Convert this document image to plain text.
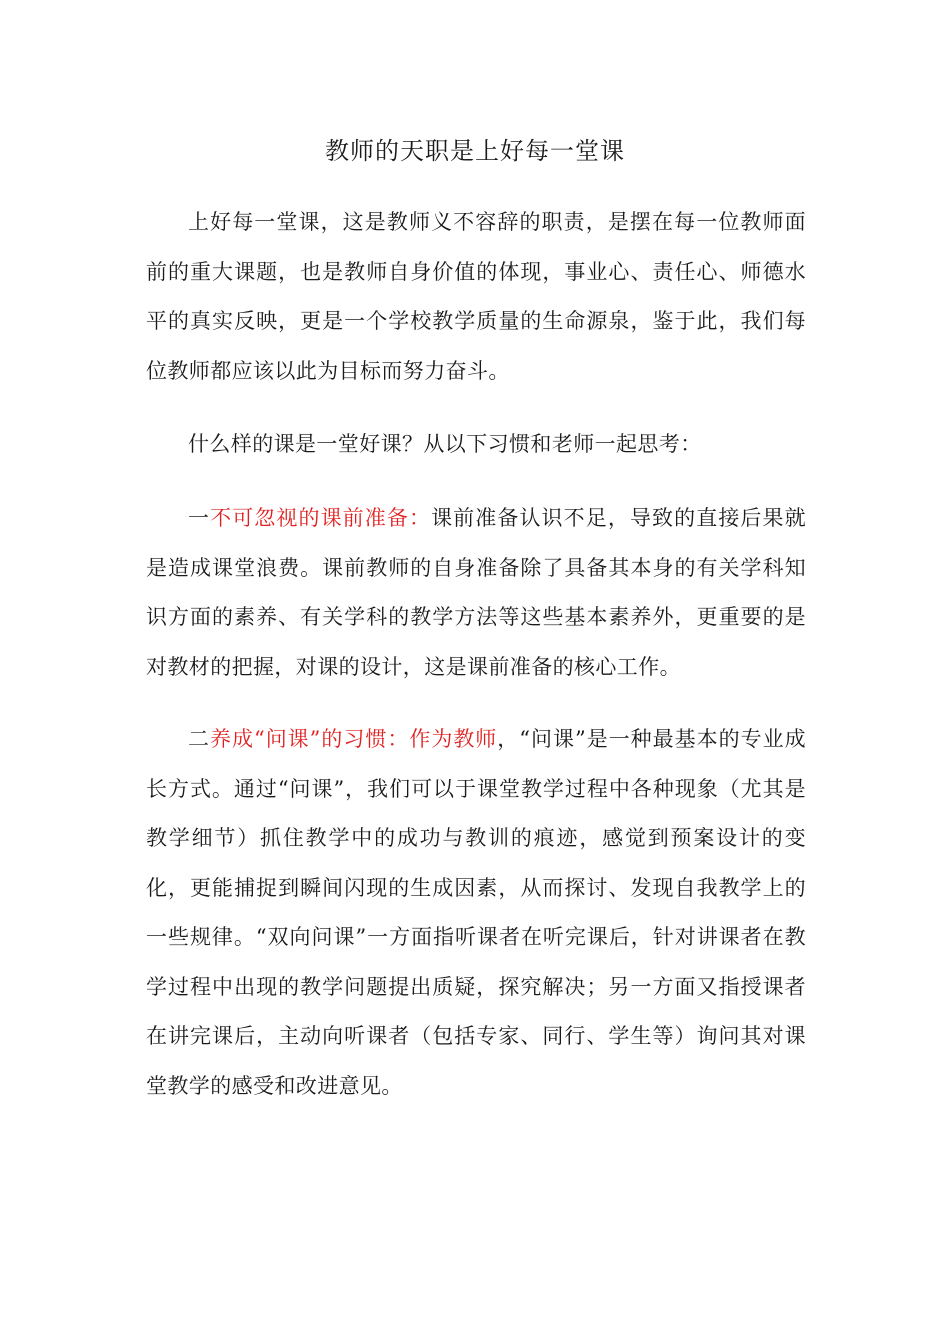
教师的天职是上好每一堂课

上好每一堂课，这是教师义不容辞的职责，是摆在每一位教师面前的重大课题，也是教师自身价值的体现，事业心、责任心、师德水平的真实反映，更是一个学校教学质量的生命源泉，鉴于此，我们每位教师都应该以此为目标而努力奋斗。

什么样的课是一堂好课？从以下习惯和老师一起思考：

一不可忽视的课前准备：课前准备认识不足，导致的直接后果就是造成课堂浪费。课前教师的自身准备除了具备其本身的有关学科知识方面的素养、有关学科的教学方法等这些基本素养外，更重要的是对教材的把握，对课的设计，这是课前准备的核心工作。

二养成“问课”的习惯：作为教师，“问课”是一种最基本的专业成长方式。通过“问课”，我们可以于课堂教学过程中各种现象（尤其是教学细节）抓住教学中的成功与教训的痕迹，感觉到预案设计的变化，更能捕捉到瞬间闪现的生成因素，从而探讨、发现自我教学上的一些规律。“双向问课”一方面指听课者在听完课后，针对讲课者在教学过程中出现的教学问题提出质疑，探究解决；另一方面又指授课者在讲完课后，主动向听课者（包括专家、同行、学生等）询问其对课堂教学的感受和改进意见。
